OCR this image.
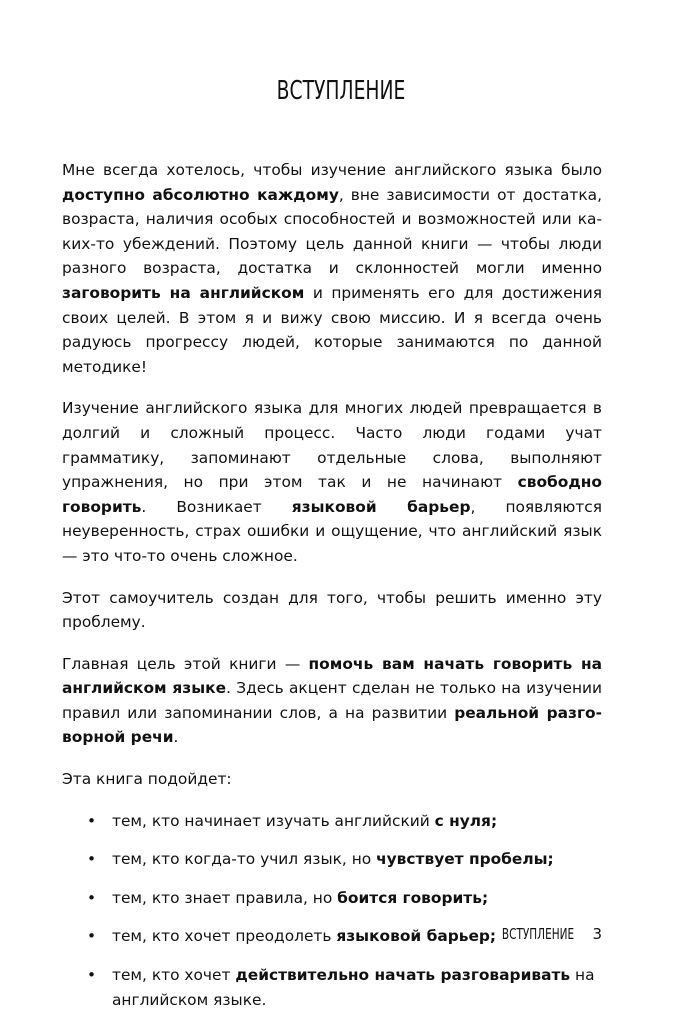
ВСТУПЛЕНИЕ

Мне всегда хотелось, чтобы изучение английского языка было доступно абсолютно каждому, вне зависимости от достатка, возраста, наличия особых способностей и возможностей или каких-то убеждений. Поэтому цель данной книги — чтобы люди разного возраста, достатка и склонностей могли именно заговорить на английском и применять его для достижения своих целей. В этом я и вижу свою миссию. И я всегда очень радуюсь прогрессу людей, которые занимаются по данной методике!

Изучение английского языка для многих людей превращается в долгий и сложный процесс. Часто люди годами учат грамматику, запоминают отдельные слова, выполняют упражнения, но при этом так и не начинают свободно говорить. Возникает языковой барьер, появляются неуверенность, страх ошибки и ощущение, что английский язык — это что-то очень сложное.

Этот самоучитель создан для того, чтобы решить именно эту проблему.

Главная цель этой книги — помочь вам начать говорить на английском языке. Здесь акцент сделан не только на изучении правил или запоминании слов, а на развитии реальной разговорной речи.

Эта книга подойдет:

• тем, кто начинает изучать английский с нуля;
• тем, кто когда-то учил язык, но чувствует пробелы;
• тем, кто знает правила, но боится говорить;
• тем, кто хочет преодолеть языковой барьер;
• тем, кто хочет действительно начать разговаривать на английском языке.
ВСТУПЛЕНИЕ 3
